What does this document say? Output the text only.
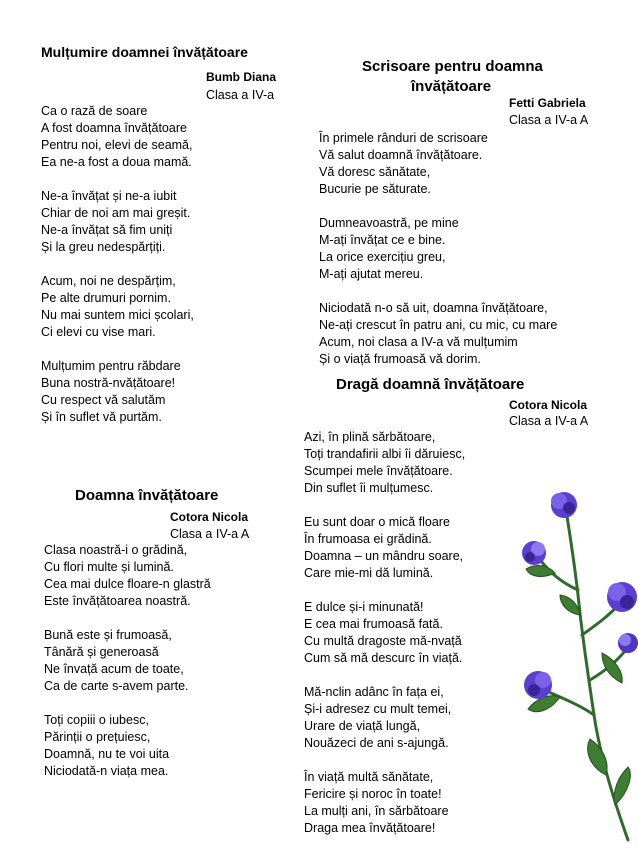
Mulțumire doamnei învățătoare
Bumb Diana
Clasa a IV-a
Ca o rază de soare
A fost doamna învățătoare
Pentru noi, elevi de seamă,
Ea ne-a fost a doua mamă.
Ne-a învățat și ne-a iubit
Chiar de noi am mai greșit.
Ne-a învățat să fim uniți
Și la greu nedespărțiți.
Acum, noi ne despărțim,
Pe alte drumuri pornim.
Nu mai suntem mici școlari,
Ci elevi cu vise mari.
Mulțumim pentru răbdare
Buna nostră-nvățătoare!
Cu respect vă salutăm
Și în suflet vă purtăm.
Scrisoare pentru doamna
învățătoare
Fetti Gabriela
Clasa a IV-a A
În primele rânduri de scrisoare
Vă salut doamnă învățătoare.
Vă doresc sănătate,
Bucurie pe săturate.
Dumneavoastră, pe mine
M-ați învățat ce e bine.
La orice exercițiu greu,
M-ați ajutat mereu.
Niciodată n-o să uit, doamna învățătoare,
Ne-ați crescut în patru ani, cu mic, cu mare
Acum, noi clasa a IV-a vă mulțumim
Și o viață frumoasă vă dorim.
Doamna învățătoare
Cotora Nicola
Clasa a IV-a A
Clasa noastră-i o grădină,
Cu flori multe și lumină.
Cea mai dulce floare-n glastră
Este învățătoarea noastră.
Bună este și frumoasă,
Tânără și generoasă
Ne învață acum de toate,
Ca de carte s-avem parte.
Toți copiii o iubesc,
Părinții o prețuiesc,
Doamnă, nu te voi uita
Niciodată-n viața mea.
Dragă doamnă învățătoare
Cotora Nicola
Clasa a IV-a A
Azi, în plină sărbătoare,
Toți trandafirii albi îi dăruiesc,
Scumpei mele învățătoare.
Din suflet îi mulțumesc.
Eu sunt doar o mică floare
În frumoasa ei grădină.
Doamna – un mândru soare,
Care mie-mi dă lumină.
E dulce și-i minunată!
E cea mai frumoasă fată.
Cu multă dragoste mă-nvață
Cum să mă descurc în viață.
Mă-nclin adânc în fața ei,
Și-i adresez cu mult temei,
Urare de viață lungă,
Nouăzeci de ani s-ajungă.
În viață multă sănătate,
Fericire și noroc în toate!
La mulți ani, în sărbătoare
Draga mea învățătoare!
